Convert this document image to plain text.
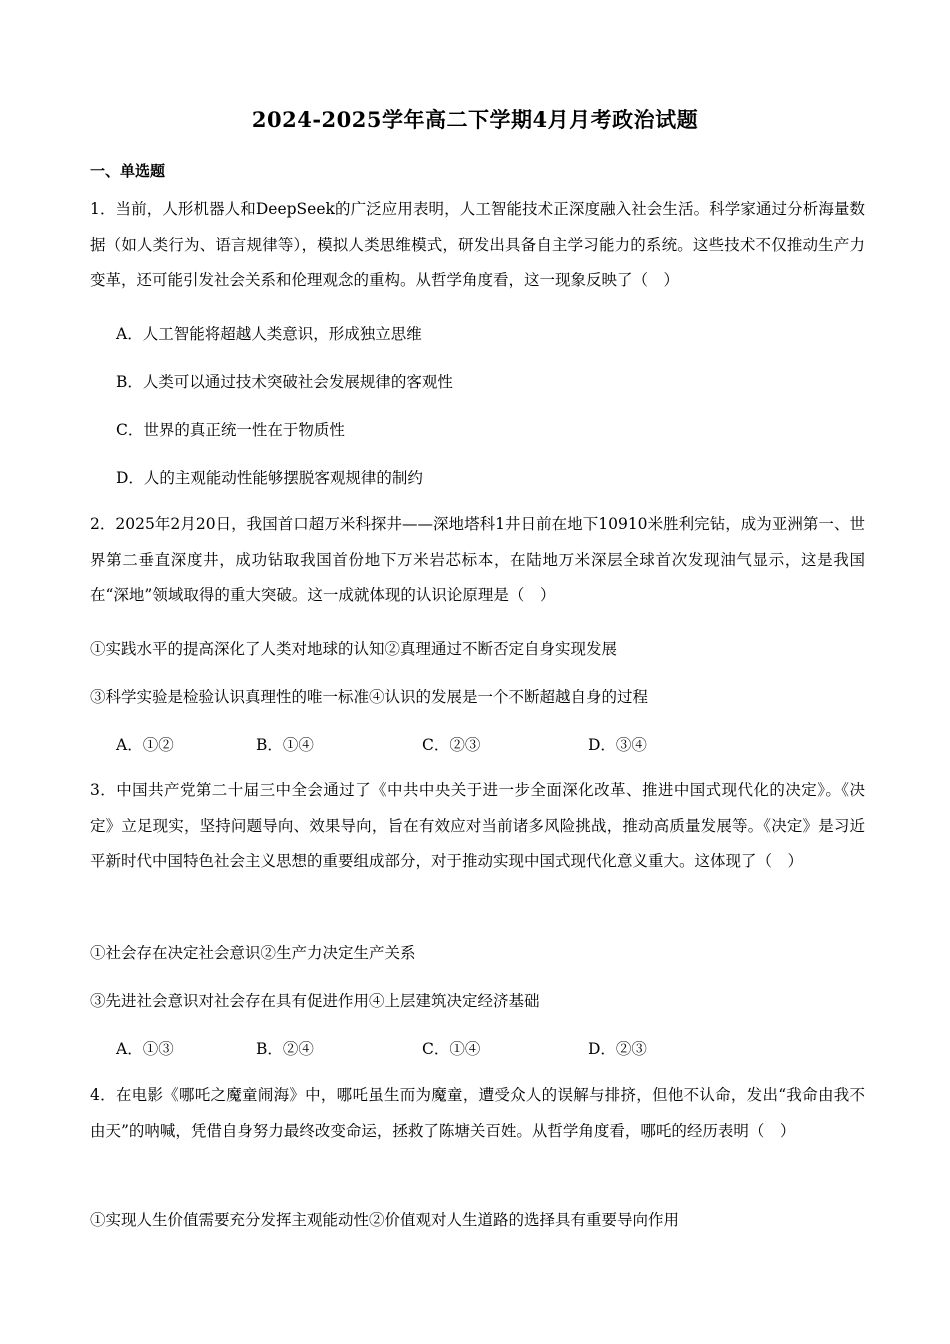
2024-2025学年高二下学期4月月考政治试题
一、单选题
1．当前，人形机器人和DeepSeek的广泛应用表明，人工智能技术正深度融入社会生活。科学家通过分析海量数据（如人类行为、语言规律等），模拟人类思维模式，研发出具备自主学习能力的系统。这些技术不仅推动生产力变革，还可能引发社会关系和伦理观念的重构。从哲学角度看，这一现象反映了（　）
A．人工智能将超越人类意识，形成独立思维
B．人类可以通过技术突破社会发展规律的客观性
C．世界的真正统一性在于物质性
D．人的主观能动性能够摆脱客观规律的制约
2．2025年2月20日，我国首口超万米科探井——深地塔科1井日前在地下10910米胜利完钻，成为亚洲第一、世界第二垂直深度井，成功钻取我国首份地下万米岩芯标本，在陆地万米深层全球首次发现油气显示，这是我国在“深地”领域取得的重大突破。这一成就体现的认识论原理是（　）
①实践水平的提高深化了人类对地球的认知②真理通过不断否定自身实现发展
③科学实验是检验认识真理性的唯一标准④认识的发展是一个不断超越自身的过程
A．①②	B．①④	C．②③	D．③④
3．中国共产党第二十届三中全会通过了《中共中央关于进一步全面深化改革、推进中国式现代化的决定》。《决定》立足现实，坚持问题导向、效果导向，旨在有效应对当前诸多风险挑战，推动高质量发展等。《决定》是习近平新时代中国特色社会主义思想的重要组成部分，对于推动实现中国式现代化意义重大。这体现了（　）
①社会存在决定社会意识②生产力决定生产关系
③先进社会意识对社会存在具有促进作用④上层建筑决定经济基础
A．①③	B．②④	C．①④	D．②③
4．在电影《哪吒之魔童闹海》中，哪吒虽生而为魔童，遭受众人的误解与排挤，但他不认命，发出“我命由我不由天”的呐喊，凭借自身努力最终改变命运，拯救了陈塘关百姓。从哲学角度看，哪吒的经历表明（　）
①实现人生价值需要充分发挥主观能动性②价值观对人生道路的选择具有重要导向作用
